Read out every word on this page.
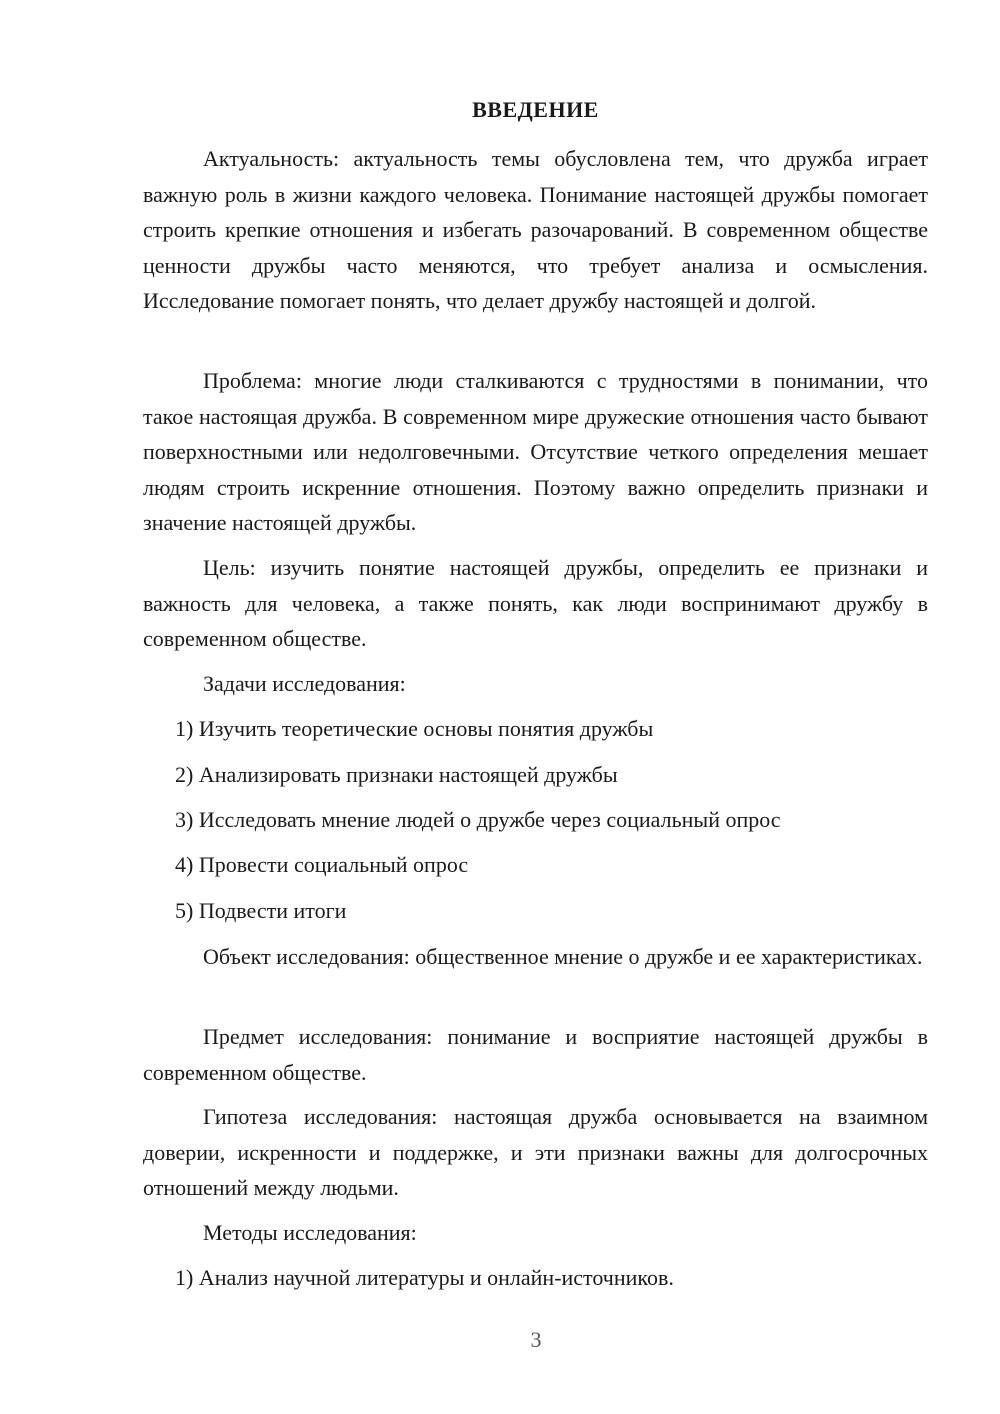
ВВЕДЕНИЕ

Актуальность: актуальность темы обусловлена тем, что дружба играет важную роль в жизни каждого человека. Понимание настоящей дружбы помогает строить крепкие отношения и избегать разочарований. В современном обществе ценности дружбы часто меняются, что требует анализа и осмысления. Исследование помогает понять, что делает дружбу настоящей и долгой.

Проблема: многие люди сталкиваются с трудностями в понимании, что такое настоящая дружба. В современном мире дружеские отношения часто бывают поверхностными или недолговечными. Отсутствие четкого определения мешает людям строить искренние отношения. Поэтому важно определить признаки и значение настоящей дружбы.

Цель: изучить понятие настоящей дружбы, определить ее признаки и важность для человека, а также понять, как люди воспринимают дружбу в современном обществе.

Задачи исследования:

1) Изучить теоретические основы понятия дружбы

2) Анализировать признаки настоящей дружбы

3) Исследовать мнение людей о дружбе через социальный опрос

4) Провести социальный опрос

5) Подвести итоги

Объект исследования: общественное мнение о дружбе и ее характеристиках.

Предмет исследования: понимание и восприятие настоящей дружбы в современном обществе.

Гипотеза исследования: настоящая дружба основывается на взаимном доверии, искренности и поддержке, и эти признаки важны для долгосрочных отношений между людьми.

Методы исследования:

1) Анализ научной литературы и онлайн-источников.

3
